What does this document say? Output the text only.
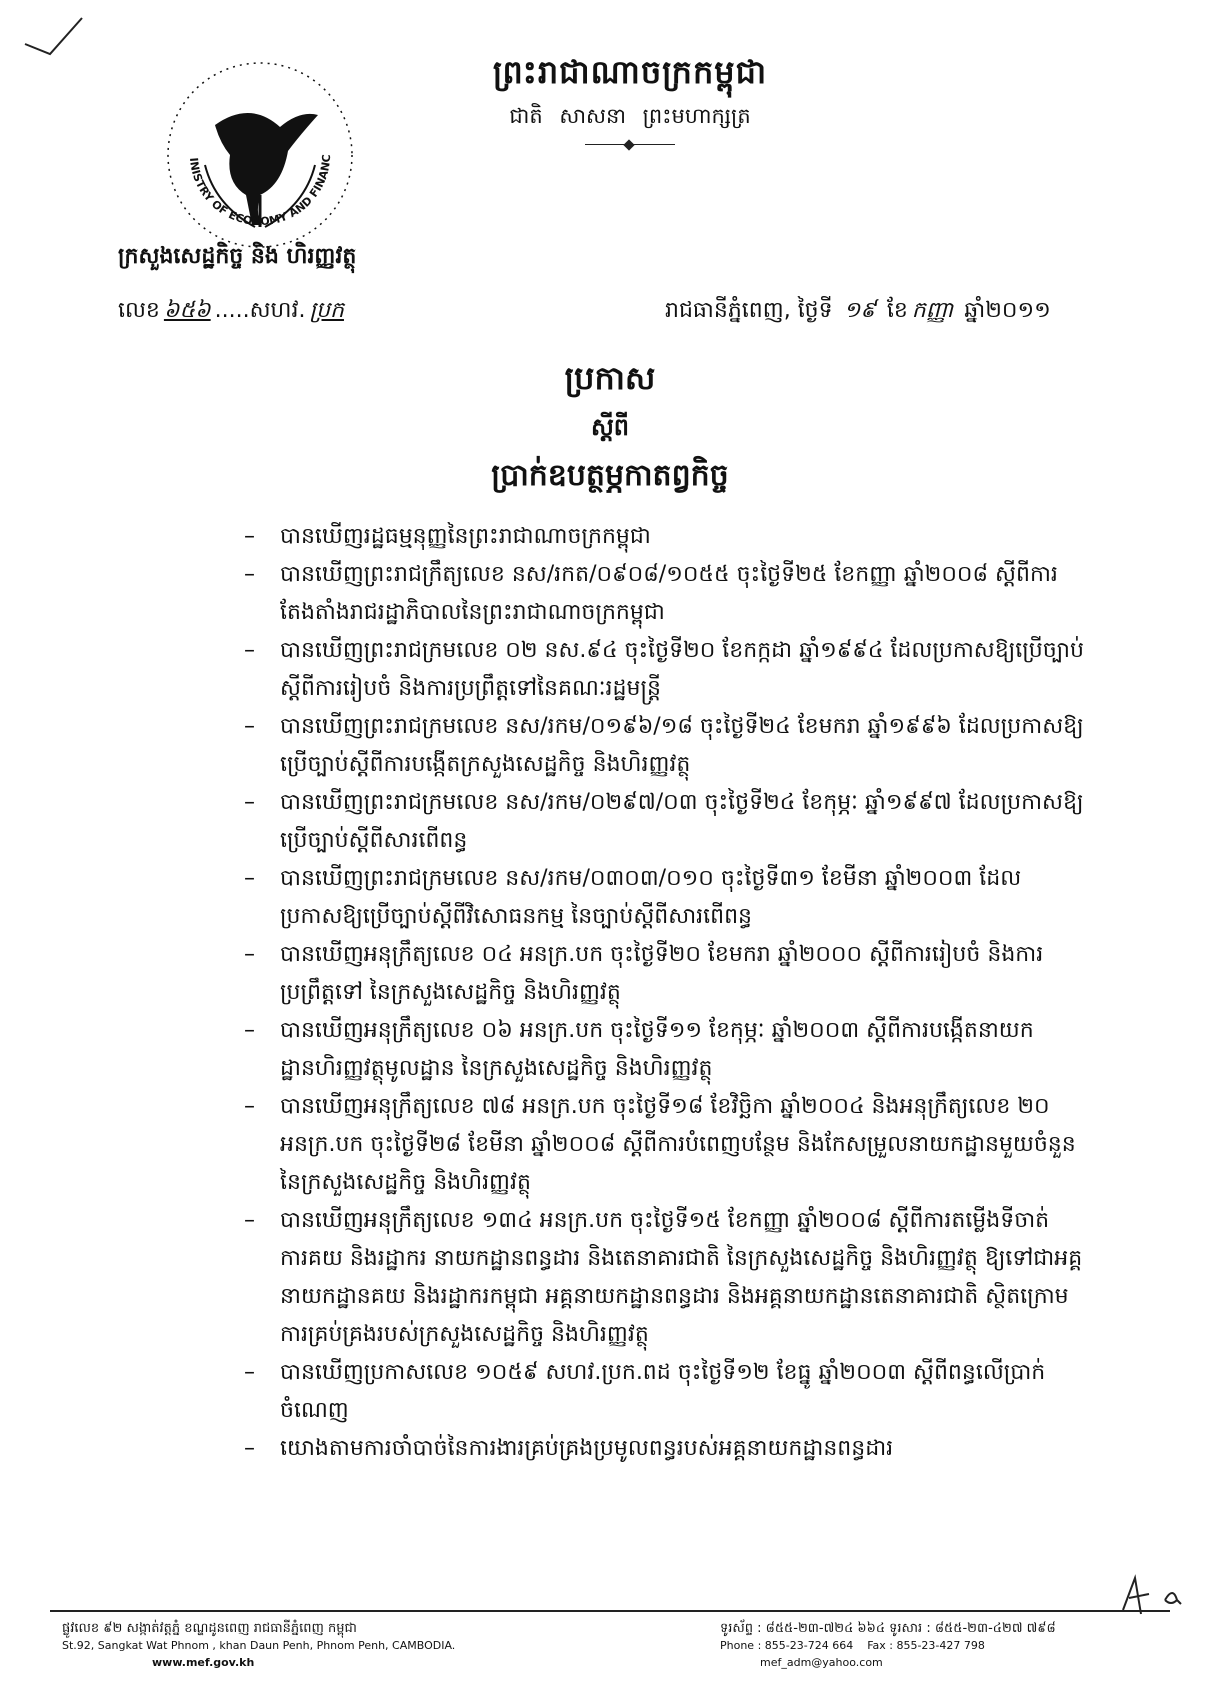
INISTRY OF ECONOMY AND FINANC
ព្រះរាជាណាចក្រកម្ពុជា
ជាតិ សាសនា ព្រះមហាក្សត្រ
ក្រសួងសេដ្ឋកិច្ច និង ហិរញ្ញវត្ថុ
លេខ ៦៥៦ .....សហវ. ប្រក	រាជធានីភ្នំពេញ, ថ្ងៃទី ១៩ ខែ កញ្ញា ឆ្នាំ២០១១
ប្រកាស
ស្តីពី
ប្រាក់ឧបត្ថម្ភកាតព្វកិច្ច
– បានឃើញរដ្ឋធម្មនុញ្ញនៃព្រះរាជាណាចក្រកម្ពុជា
– បានឃើញព្រះរាជក្រឹត្យលេខ នស/រកត/០៩០៨/១០៥៥ ចុះថ្ងៃទី២៥ ខែកញ្ញា ឆ្នាំ២០០៨ ស្តីពីការតែងតាំងរាជរដ្ឋាភិបាលនៃព្រះរាជាណាចក្រកម្ពុជា
– បានឃើញព្រះរាជក្រមលេខ ០២ នស.៩៤ ចុះថ្ងៃទី២០ ខែកក្កដា ឆ្នាំ១៩៩៤ ដែលប្រកាសឱ្យប្រើច្បាប់ស្តីពីការរៀបចំ និងការប្រព្រឹត្តទៅនៃគណៈរដ្ឋមន្ត្រី
– បានឃើញព្រះរាជក្រមលេខ នស/រកម/០១៩៦/១៨ ចុះថ្ងៃទី២៤ ខែមករា ឆ្នាំ១៩៩៦ ដែលប្រកាសឱ្យប្រើច្បាប់ស្តីពីការបង្កើតក្រសួងសេដ្ឋកិច្ច និងហិរញ្ញវត្ថុ
– បានឃើញព្រះរាជក្រមលេខ នស/រកម/០២៩៧/០៣ ចុះថ្ងៃទី២៤ ខែកុម្ភៈ ឆ្នាំ១៩៩៧ ដែលប្រកាសឱ្យប្រើច្បាប់ស្តីពីសារពើពន្ធ
– បានឃើញព្រះរាជក្រមលេខ នស/រកម/០៣០៣/០១០ ចុះថ្ងៃទី៣១ ខែមីនា ឆ្នាំ២០០៣ ដែលប្រកាសឱ្យប្រើច្បាប់ស្តីពីវិសោធនកម្ម នៃច្បាប់ស្តីពីសារពើពន្ធ
– បានឃើញអនុក្រឹត្យលេខ ០៤ អនក្រ.បក ចុះថ្ងៃទី២០ ខែមករា ឆ្នាំ២០០០ ស្តីពីការរៀបចំ និងការប្រព្រឹត្តទៅ នៃក្រសួងសេដ្ឋកិច្ច និងហិរញ្ញវត្ថុ
– បានឃើញអនុក្រឹត្យលេខ ០៦ អនក្រ.បក ចុះថ្ងៃទី១១ ខែកុម្ភៈ ឆ្នាំ២០០៣ ស្តីពីការបង្កើតនាយកដ្ឋានហិរញ្ញវត្ថុមូលដ្ឋាន នៃក្រសួងសេដ្ឋកិច្ច និងហិរញ្ញវត្ថុ
– បានឃើញអនុក្រឹត្យលេខ ៧៨ អនក្រ.បក ចុះថ្ងៃទី១៨ ខែវិច្ឆិកា ឆ្នាំ២០០៤ និងអនុក្រឹត្យលេខ ២០ អនក្រ.បក ចុះថ្ងៃទី២៨ ខែមីនា ឆ្នាំ២០០៨ ស្តីពីការបំពេញបន្ថែម និងកែសម្រួលនាយកដ្ឋានមួយចំនួន នៃក្រសួងសេដ្ឋកិច្ច និងហិរញ្ញវត្ថុ
– បានឃើញអនុក្រឹត្យលេខ ១៣៤ អនក្រ.បក ចុះថ្ងៃទី១៥ ខែកញ្ញា ឆ្នាំ២០០៨ ស្តីពីការតម្លើងទីចាត់ការគយ និងរដ្ឋាករ នាយកដ្ឋានពន្ធដារ និងតេនាគារជាតិ នៃក្រសួងសេដ្ឋកិច្ច និងហិរញ្ញវត្ថុ ឱ្យទៅជាអគ្គនាយកដ្ឋានគយ និងរដ្ឋាករកម្ពុជា អគ្គនាយកដ្ឋានពន្ធដារ និងអគ្គនាយកដ្ឋានតេនាគារជាតិ ស្ថិតក្រោមការគ្រប់គ្រងរបស់ក្រសួងសេដ្ឋកិច្ច និងហិរញ្ញវត្ថុ
– បានឃើញប្រកាសលេខ ១០៥៩ សហវ.ប្រក.ពដ ចុះថ្ងៃទី១២ ខែធ្នូ ឆ្នាំ២០០៣ ស្តីពីពន្ធលើប្រាក់ចំណេញ
– យោងតាមការចាំបាច់នៃការងារគ្រប់គ្រងប្រមូលពន្ធរបស់អគ្គនាយកដ្ឋានពន្ធដារ
ផ្លូវលេខ ៩២ សង្កាត់វត្តភ្នំ ខណ្ឌដូនពេញ រាជធានីភ្នំពេញ កម្ពុជា
St.92, Sangkat Wat Phnom , khan Daun Penh, Phnom Penh, CAMBODIA.
www.mef.gov.kh
ទូរស័ព្ទ : ៨៥៥-២៣-៧២៤ ៦៦៤ ទូរសារ : ៨៥៥-២៣-៤២៧ ៧៩៨
Phone : 855-23-724 664 Fax : 855-23-427 798
mef_adm@yahoo.com
